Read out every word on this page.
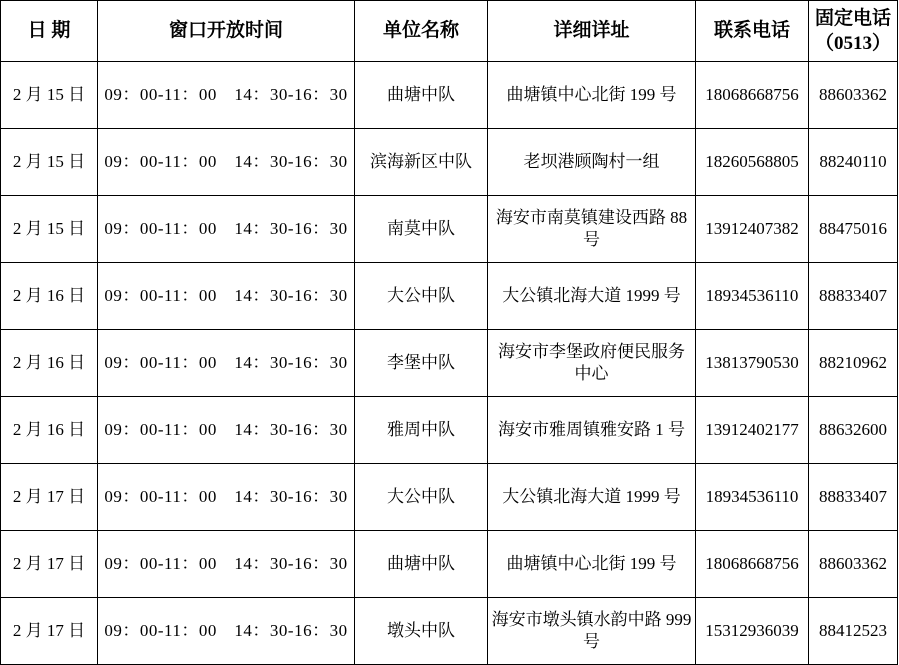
日 期	窗口开放时间	单位名称	详细详址	联系电话	固定电话
（0513）

2 月 15 日	09：00-11：00　14：30-16：30	曲塘中队	曲塘镇中心北街 199 号	18068668756	88603362
2 月 15 日	09：00-11：00　14：30-16：30	滨海新区中队	老坝港顾陶村一组	18260568805	88240110
2 月 15 日	09：00-11：00　14：30-16：30	南莫中队	海安市南莫镇建设西路 88 号	13912407382	88475016
2 月 16 日	09：00-11：00　14：30-16：30	大公中队	大公镇北海大道 1999 号	18934536110	88833407
2 月 16 日	09：00-11：00　14：30-16：30	李堡中队	海安市李堡政府便民服务中心	13813790530	88210962
2 月 16 日	09：00-11：00　14：30-16：30	雅周中队	海安市雅周镇雅安路 1 号	13912402177	88632600
2 月 17 日	09：00-11：00　14：30-16：30	大公中队	大公镇北海大道 1999 号	18934536110	88833407
2 月 17 日	09：00-11：00　14：30-16：30	曲塘中队	曲塘镇中心北街 199 号	18068668756	88603362
2 月 17 日	09：00-11：00　14：30-16：30	墩头中队	海安市墩头镇水韵中路 999 号	15312936039	88412523
